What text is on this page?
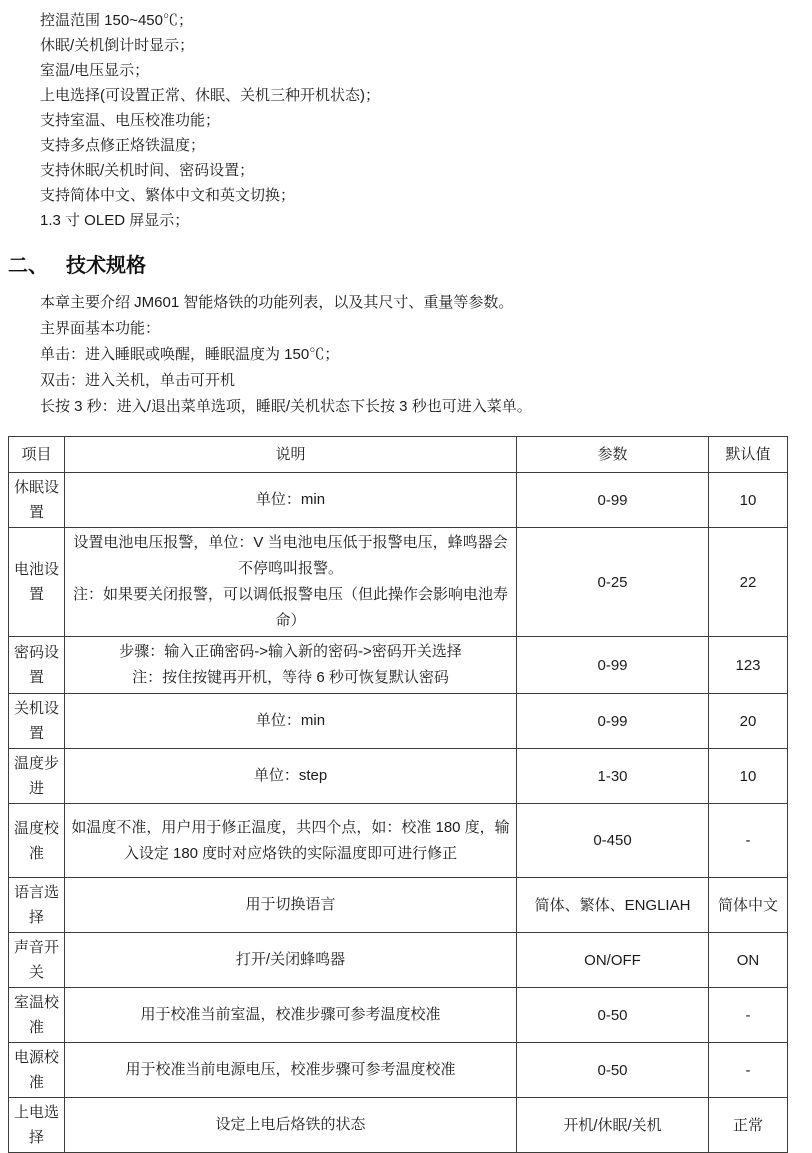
控温范围 150~450℃；
休眠/关机倒计时显示；
室温/电压显示；
上电选择(可设置正常、休眠、关机三种开机状态)；
支持室温、电压校准功能；
支持多点修正烙铁温度；
支持休眠/关机时间、密码设置；
支持简体中文、繁体中文和英文切换；
1.3 寸 OLED 屏显示；
二、 技术规格
本章主要介绍 JM601 智能烙铁的功能列表，以及其尺寸、重量等参数。
主界面基本功能：
单击：进入睡眠或唤醒，睡眠温度为 150℃；
双击：进入关机，单击可开机
长按 3 秒：进入/退出菜单选项，睡眠/关机状态下长按 3 秒也可进入菜单。
项目	说明	参数	默认值
休眠设置	单位：min	0-99	10
电池设置	设置电池电压报警，单位：V 当电池电压低于报警电压，蜂鸣器会不停鸣叫报警。
注：如果要关闭报警，可以调低报警电压（但此操作会影响电池寿命）	0-25	22
密码设置	步骤：输入正确密码->输入新的密码->密码开关选择
注：按住按键再开机，等待 6 秒可恢复默认密码	0-99	123
关机设置	单位：min	0-99	20
温度步进	单位：step	1-30	10
温度校准	如温度不准，用户用于修正温度，共四个点，如：校准 180 度，输入设定 180 度时对应烙铁的实际温度即可进行修正	0-450	-
语言选择	用于切换语言	简体、繁体、ENGLIAH	简体中文
声音开关	打开/关闭蜂鸣器	ON/OFF	ON
室温校准	用于校准当前室温，校准步骤可参考温度校准	0-50	-
电源校准	用于校准当前电源电压，校准步骤可参考温度校准	0-50	-
上电选择	设定上电后烙铁的状态	开机/休眠/关机	正常
